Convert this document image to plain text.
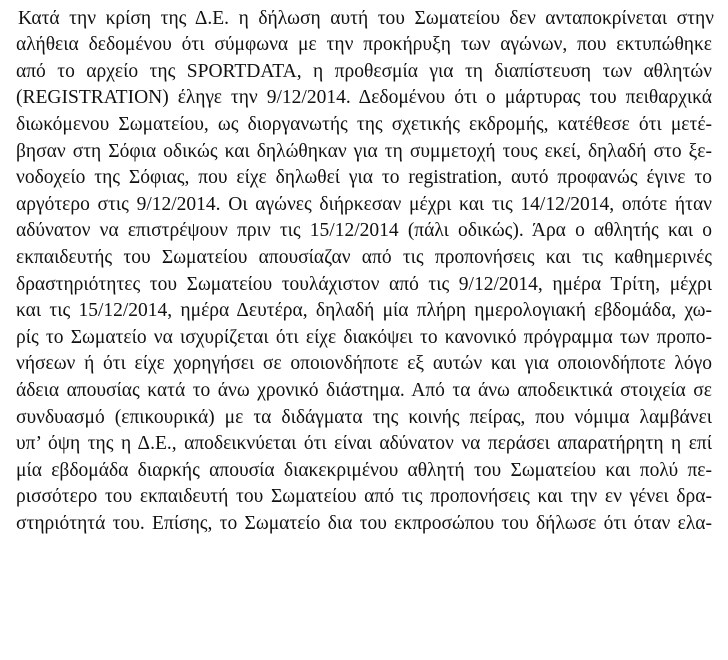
Κατά την κρίση της Δ.Ε. η δήλωση αυτή του Σωματείου δεν ανταποκρίνεται στην
αλήθεια δεδομένου ότι σύμφωνα με την προκήρυξη των αγώνων, που εκτυπώθηκε
από το αρχείο της SPORTDATA, η προθεσμία για τη διαπίστευση των αθλητών
(REGISTRATION) έληγε την 9/12/2014. Δεδομένου ότι ο μάρτυρας του πειθαρχικά
διωκόμενου Σωματείου, ως διοργανωτής της σχετικής εκδρομής, κατέθεσε ότι μετέ-
βησαν στη Σόφια οδικώς και δηλώθηκαν για τη συμμετοχή τους εκεί, δηλαδή στο ξε-
νοδοχείο της Σόφιας, που είχε δηλωθεί για το registration, αυτό προφανώς έγινε το
αργότερο στις 9/12/2014. Οι αγώνες διήρκεσαν μέχρι και τις 14/12/2014, οπότε ήταν
αδύνατον να επιστρέψουν πριν τις 15/12/2014 (πάλι οδικώς). Άρα ο αθλητής και ο
εκπαιδευτής του Σωματείου απουσίαζαν από τις προπονήσεις και τις καθημερινές
δραστηριότητες του Σωματείου τουλάχιστον από τις 9/12/2014, ημέρα Τρίτη, μέχρι
και τις 15/12/2014, ημέρα Δευτέρα, δηλαδή μία πλήρη ημερολογιακή εβδομάδα, χω-
ρίς το Σωματείο να ισχυρίζεται ότι είχε διακόψει το κανονικό πρόγραμμα των προπο-
νήσεων ή ότι είχε χορηγήσει σε οποιονδήποτε εξ αυτών και για οποιονδήποτε λόγο
άδεια απουσίας κατά το άνω χρονικό διάστημα. Από τα άνω αποδεικτικά στοιχεία σε
συνδυασμό (επικουρικά) με τα διδάγματα της κοινής πείρας, που νόμιμα λαμβάνει
υπ’ όψη της η Δ.Ε., αποδεικνύεται ότι είναι αδύνατον να περάσει απαρατήρητη η επί
μία εβδομάδα διαρκής απουσία διακεκριμένου αθλητή του Σωματείου και πολύ πε-
ρισσότερο του εκπαιδευτή του Σωματείου από τις προπονήσεις και την εν γένει δρα-
στηριότητά του. Επίσης, το Σωματείο δια του εκπροσώπου του δήλωσε ότι όταν ελα-
